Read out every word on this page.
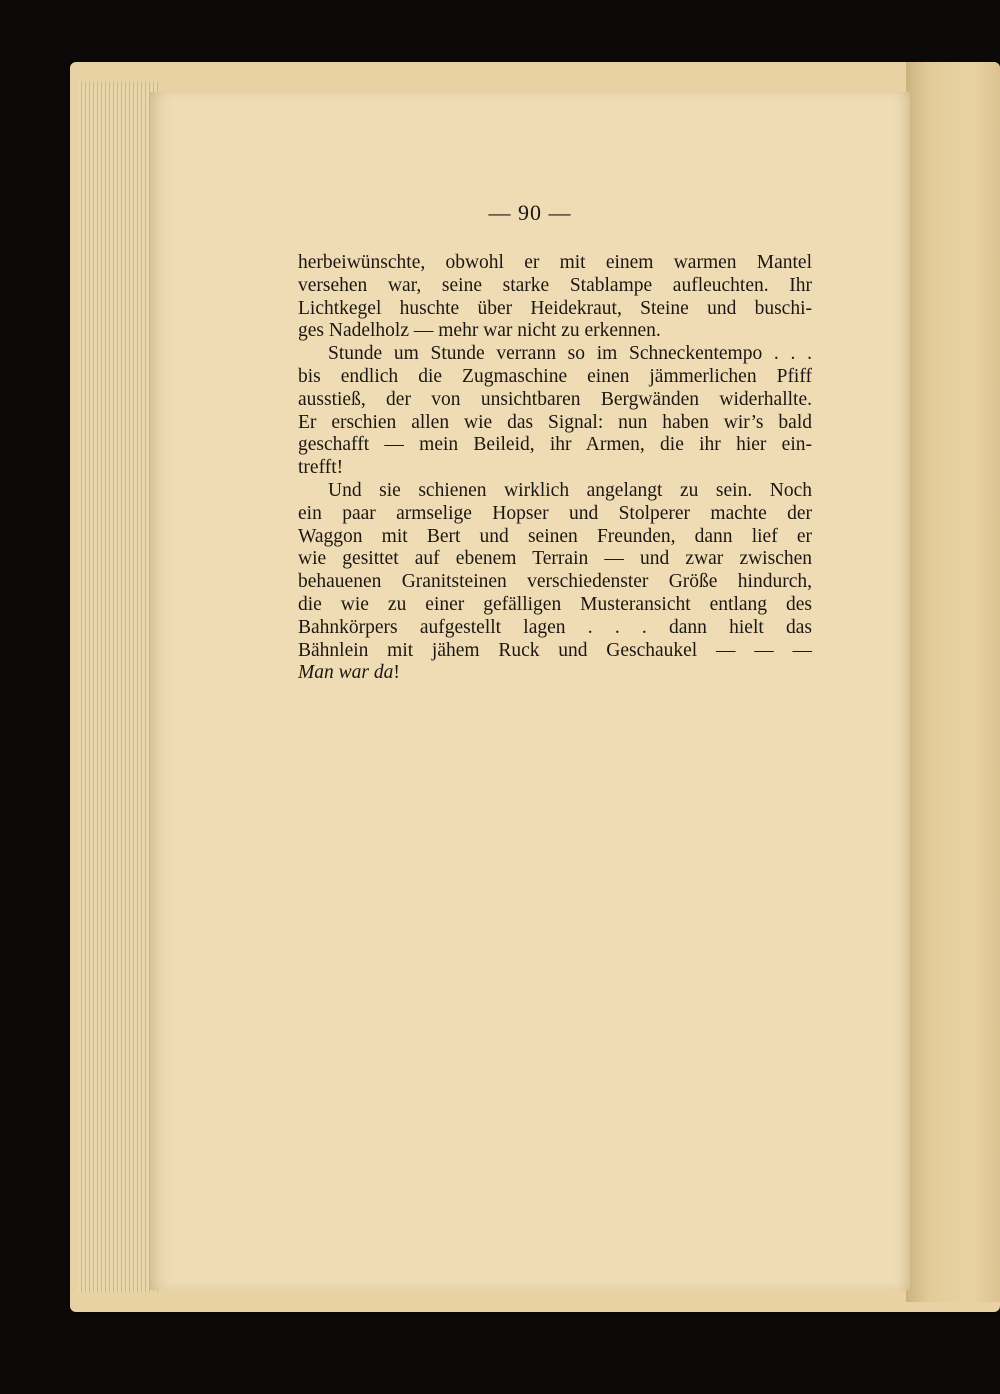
— 90 —
herbeiwünschte, obwohl er mit einem warmen Mantel
versehen war, seine starke Stablampe aufleuchten. Ihr
Lichtkegel huschte über Heidekraut, Steine und buschi-
ges Nadelholz — mehr war nicht zu erkennen.
Stunde um Stunde verrann so im Schneckentempo . . .
bis endlich die Zugmaschine einen jämmerlichen Pfiff
ausstieß, der von unsichtbaren Bergwänden widerhallte.
Er erschien allen wie das Signal: nun haben wir’s bald
geschafft — mein Beileid, ihr Armen, die ihr hier ein-
trefft!
Und sie schienen wirklich angelangt zu sein. Noch
ein paar armselige Hopser und Stolperer machte der
Waggon mit Bert und seinen Freunden, dann lief er
wie gesittet auf ebenem Terrain — und zwar zwischen
behauenen Granitsteinen verschiedenster Größe hindurch,
die wie zu einer gefälligen Musteransicht entlang des
Bahnkörpers aufgestellt lagen . . . dann hielt das
Bähnlein mit jähem Ruck und Geschaukel — — —
Man war da!
